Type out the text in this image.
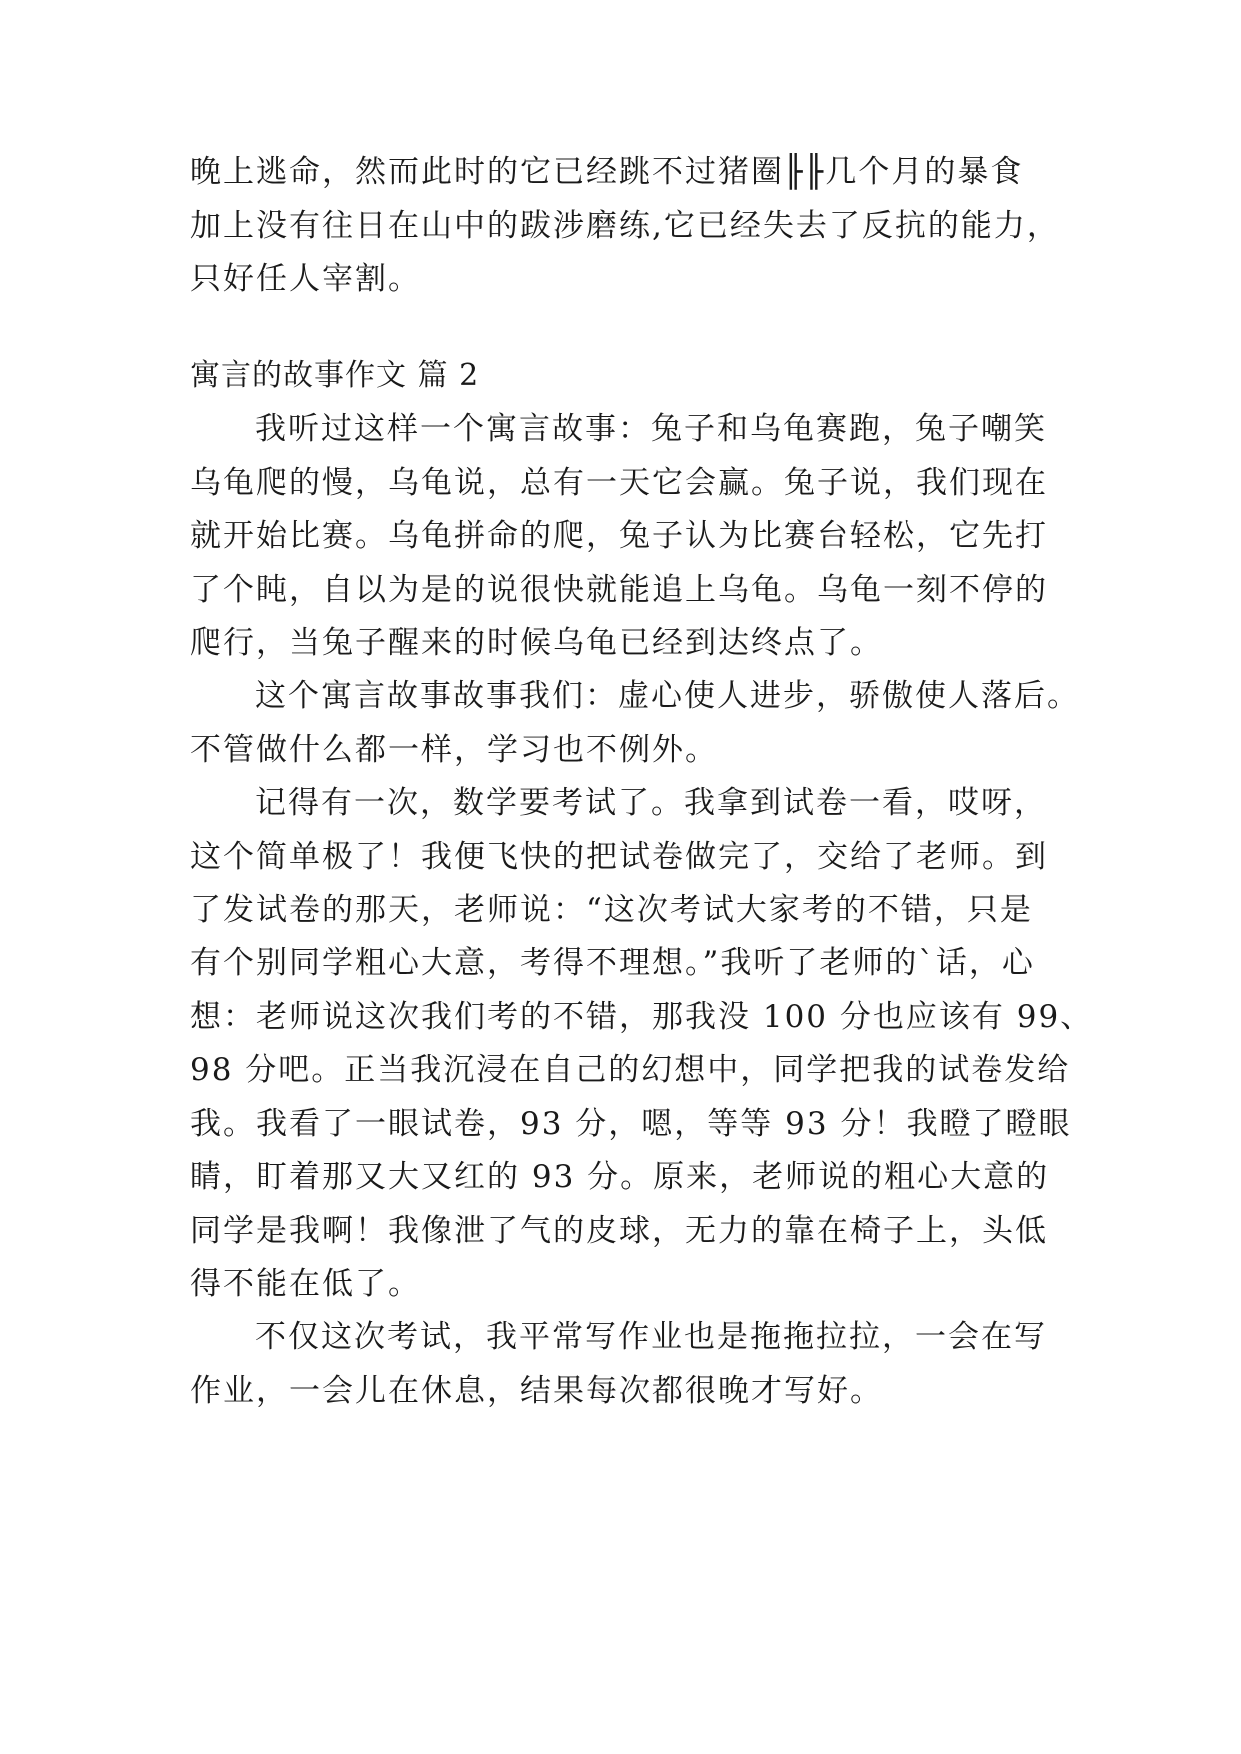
晚上逃命，然而此时的它已经跳不过猪圈╟╟几个月的暴食
加上没有往日在山中的跋涉磨练,它已经失去了反抗的能力，
只好任人宰割。
寓言的故事作文 篇 2
我听过这样一个寓言故事：兔子和乌龟赛跑，兔子嘲笑
乌龟爬的慢，乌龟说，总有一天它会赢。兔子说，我们现在
就开始比赛。乌龟拼命的爬，兔子认为比赛台轻松，它先打
了个盹，自以为是的说很快就能追上乌龟。乌龟一刻不停的
爬行，当兔子醒来的时候乌龟已经到达终点了。
这个寓言故事故事我们：虚心使人进步，骄傲使人落后。
不管做什么都一样，学习也不例外。
记得有一次，数学要考试了。我拿到试卷一看，哎呀，
这个简单极了！我便飞快的把试卷做完了，交给了老师。到
了发试卷的那天，老师说：“这次考试大家考的不错，只是
有个别同学粗心大意，考得不理想。”我听了老师的`话，心
想：老师说这次我们考的不错，那我没 100 分也应该有 99、
98 分吧。正当我沉浸在自己的幻想中，同学把我的试卷发给
我。我看了一眼试卷，93 分，嗯，等等 93 分！我瞪了瞪眼
睛，盯着那又大又红的 93 分。原来，老师说的粗心大意的
同学是我啊！我像泄了气的皮球，无力的靠在椅子上，头低
得不能在低了。
不仅这次考试，我平常写作业也是拖拖拉拉，一会在写
作业，一会儿在休息，结果每次都很晚才写好。
